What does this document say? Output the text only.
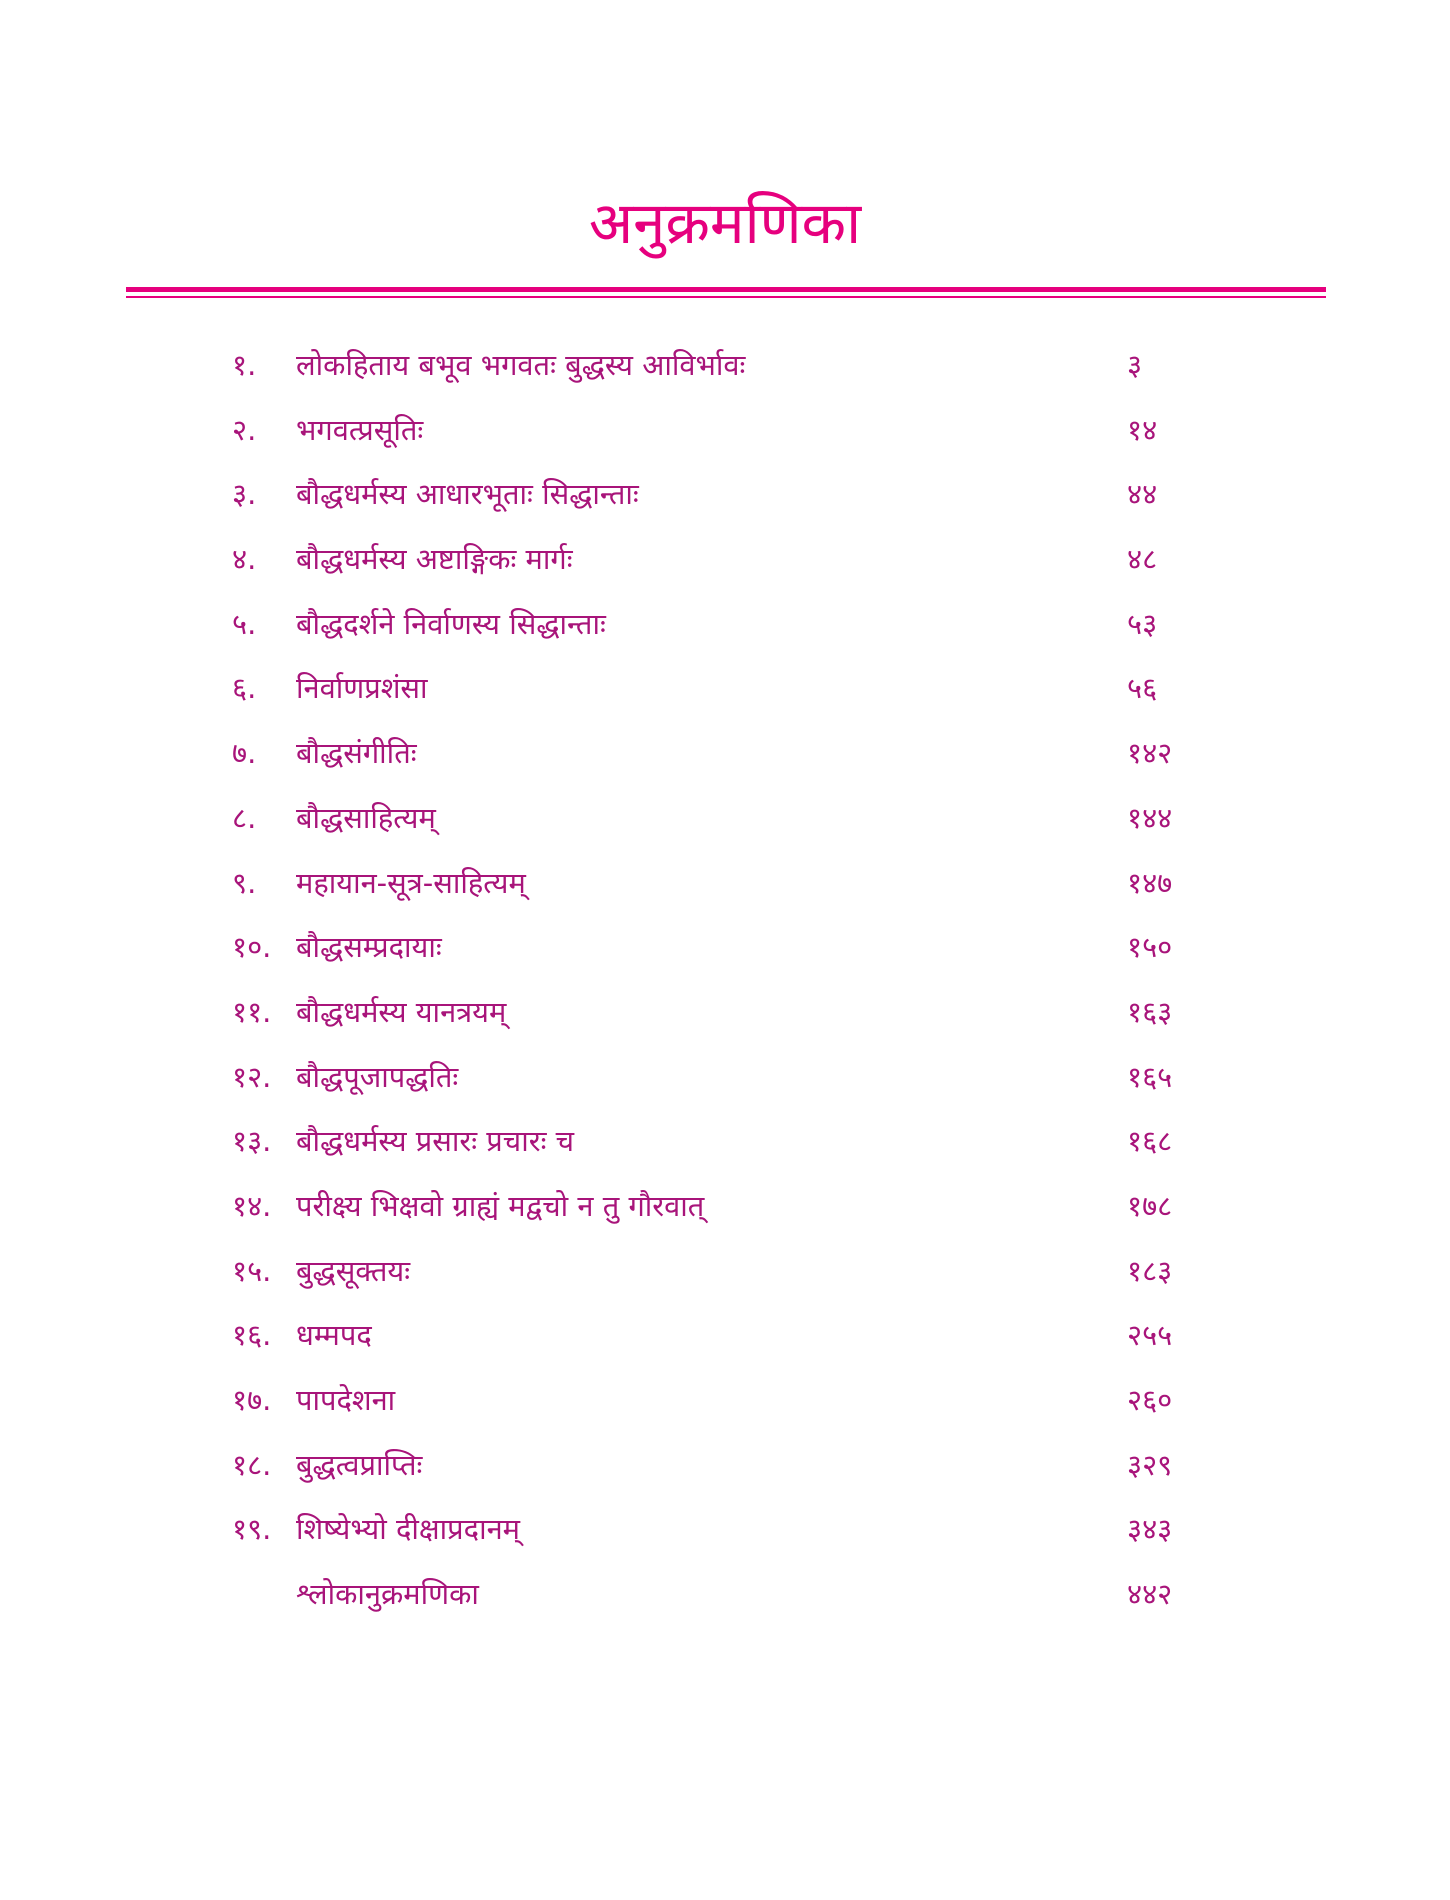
अनुक्रमणिका
१. लोकहिताय बभूव भगवतः बुद्धस्य आविर्भावः	३
२. भगवत्प्रसूतिः	१४
३. बौद्धधर्मस्य आधारभूताः सिद्धान्ताः	४४
४. बौद्धधर्मस्य अष्टाङ्गिकः मार्गः	४८
५. बौद्धदर्शने निर्वाणस्य सिद्धान्ताः	५३
६. निर्वाणप्रशंसा	५६
७. बौद्धसंगीतिः	१४२
८. बौद्धसाहित्यम्	१४४
९. महायान-सूत्र-साहित्यम्	१४७
१०. बौद्धसम्प्रदायाः	१५०
११. बौद्धधर्मस्य यानत्रयम्	१६३
१२. बौद्धपूजापद्धतिः	१६५
१३. बौद्धधर्मस्य प्रसारः प्रचारः च	१६८
१४. परीक्ष्य भिक्षवो ग्राह्यं मद्वचो न तु गौरवात्	१७८
१५. बुद्धसूक्तयः	१८३
१६. धम्मपद	२५५
१७. पापदेशना	२६०
१८. बुद्धत्वप्राप्तिः	३२९
१९. शिष्येभ्यो दीक्षाप्रदानम्	३४३
श्लोकानुक्रमणिका	४४२
